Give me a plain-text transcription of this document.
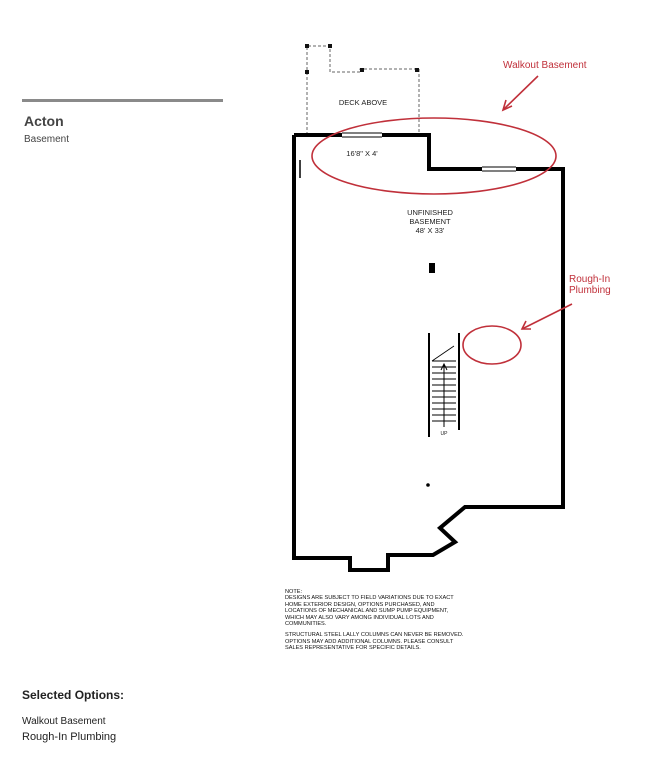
Acton
Basement
DECK ABOVE
16'8" X 4'
UNFINISHED
BASEMENT
48' X 33'
UP
Walkout Basement
Rough-In
Plumbing
NOTE:

DESIGNS ARE SUBJECT TO FIELD VARIATIONS DUE TO EXACT HOME EXTERIOR DESIGN, OPTIONS PURCHASED, AND LOCATIONS OF MECHANICAL AND SUMP PUMP EQUIPMENT, WHICH MAY ALSO VARY AMONG INDIVIDUAL LOTS AND COMMUNITIES.

STRUCTURAL STEEL LALLY COLUMNS CAN NEVER BE REMOVED. OPTIONS MAY ADD ADDITIONAL COLUMNS. PLEASE CONSULT SALES REPRESENTATIVE FOR SPECIFIC DETAILS.

Selected Options:
Walkout Basement
Rough-In Plumbing
